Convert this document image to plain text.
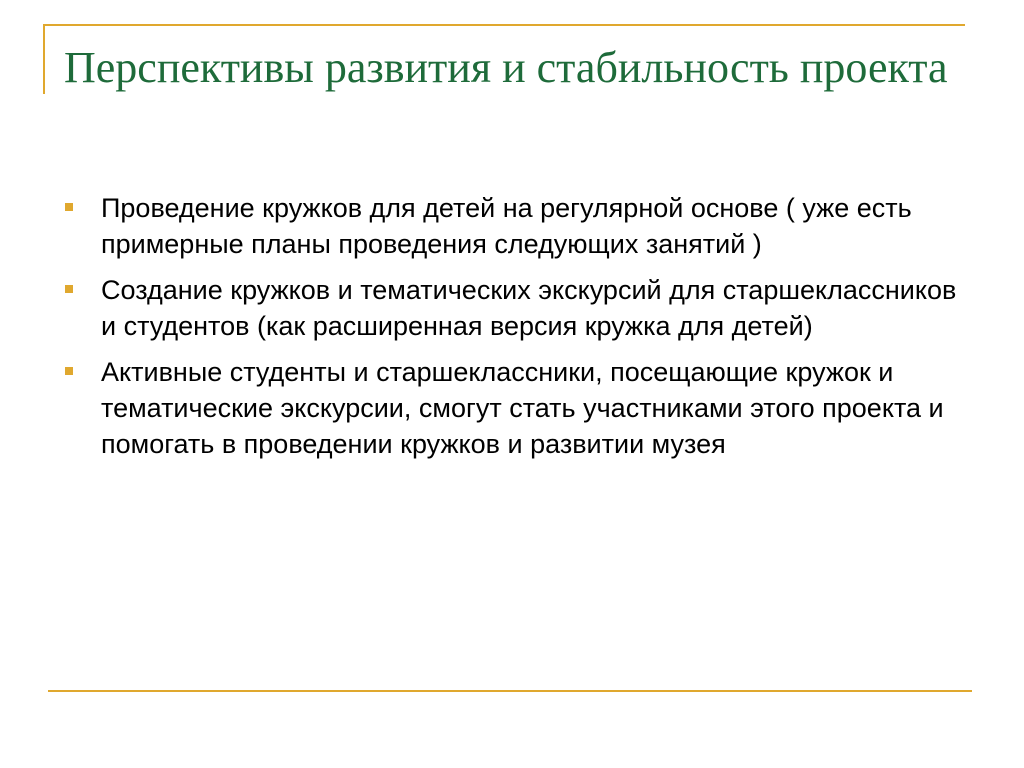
Перспективы развития и стабильность проекта
Проведение кружков для детей на регулярной основе ( уже есть примерные планы проведения следующих занятий )
Создание кружков и тематических экскурсий для старшеклассников и студентов (как расширенная версия кружка для детей)
Активные студенты и старшеклассники, посещающие кружок и тематические экскурсии, смогут стать участниками этого проекта и помогать в проведении кружков и развитии музея
